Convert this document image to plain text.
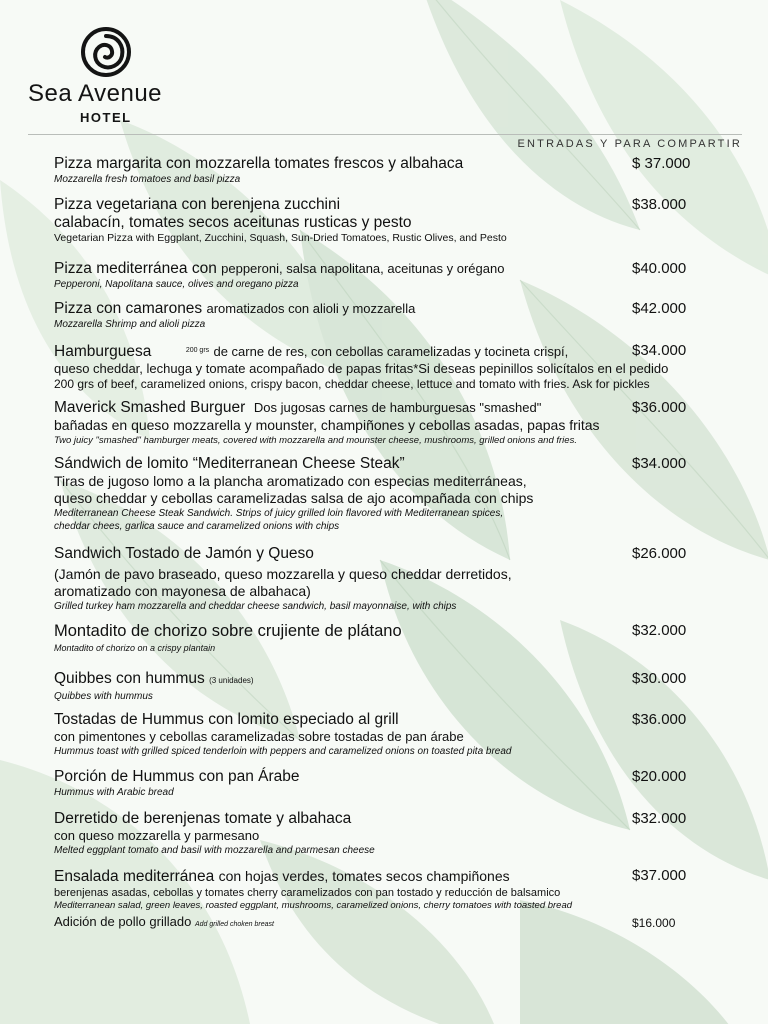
Sea Avenue
HOTEL
ENTRADAS Y PARA COMPARTIR
Pizza margarita con mozzarella tomates frescos y albahaca
Mozzarella fresh tomatoes and basil pizza
$ 37.000
Pizza vegetariana con berenjena zucchini
calabacín, tomates secos aceitunas rusticas y pesto
Vegetarian Pizza with Eggplant, Zucchini, Squash, Sun-Dried Tomatoes, Rustic Olives, and Pesto
$38.000
Pizza mediterránea con pepperoni, salsa napolitana, aceitunas y orégano
Pepperoni, Napolitana sauce, olives and oregano pizza
$40.000
Pizza con camarones aromatizados con alioli y mozzarella
Mozzarella Shrimp and alioli pizza
$42.000
Hamburguesa	$^{200 grs}$ de carne de res, con cebollas caramelizadas y tocineta crispí,
queso cheddar, lechuga y tomate acompañado de papas fritas*Si deseas pepinillos solicítalos en el pedido
200 grs of beef, caramelized onions, crispy bacon, cheddar cheese, lettuce and tomato with fries. Ask for pickles
$34.000
Maverick Smashed Burguer Dos jugosas carnes de hamburguesas "smashed"
bañadas en queso mozzarella y mounster, champiñones y cebollas asadas, papas fritas
Two juicy "smashed" hamburger meats, covered with mozzarella and mounster cheese, mushrooms, grilled onions and fries.
$36.000
Sándwich de lomito “Mediterranean Cheese Steak”
Tiras de jugoso lomo a la plancha aromatizado con especias mediterráneas,
queso cheddar y cebollas caramelizadas salsa de ajo acompañada con chips
Mediterranean Cheese Steak Sandwich. Strips of juicy grilled loin flavored with Mediterranean spices,
cheddar chees, garlica sauce and caramelized onions with chips
$34.000
Sandwich Tostado de Jamón y Queso
(Jamón de pavo braseado, queso mozzarella y queso cheddar derretidos,
aromatizado con mayonesa de albahaca)
Grilled turkey ham mozzarella and cheddar cheese sandwich, basil mayonnaise, with chips
$26.000
Montadito de chorizo sobre crujiente de plátano
Montadito of chorizo on a crispy plantain
$32.000
Quibbes con hummus (3 unidades)
Quibbes with hummus
$30.000
Tostadas de Hummus con lomito especiado al grill
con pimentones y cebollas caramelizadas sobre tostadas de pan árabe
Hummus toast with grilled spiced tenderloin with peppers and caramelized onions on toasted pita bread
$36.000
Porción de Hummus con pan Árabe
Hummus with Arabic bread
$20.000
Derretido de berenjenas tomate y albahaca
con queso mozzarella y parmesano
Melted eggplant tomato and basil with mozzarella and parmesan cheese
$32.000
Ensalada mediterránea con hojas verdes, tomates secos champiñones
berenjenas asadas, cebollas y tomates cherry caramelizados con pan tostado y reducción de balsamico
Mediterranean salad, green leaves, roasted eggplant, mushrooms, caramelized onions, cherry tomatoes with toasted bread
$37.000
Adición de pollo grillado Add grilled choken breast	$16.000
